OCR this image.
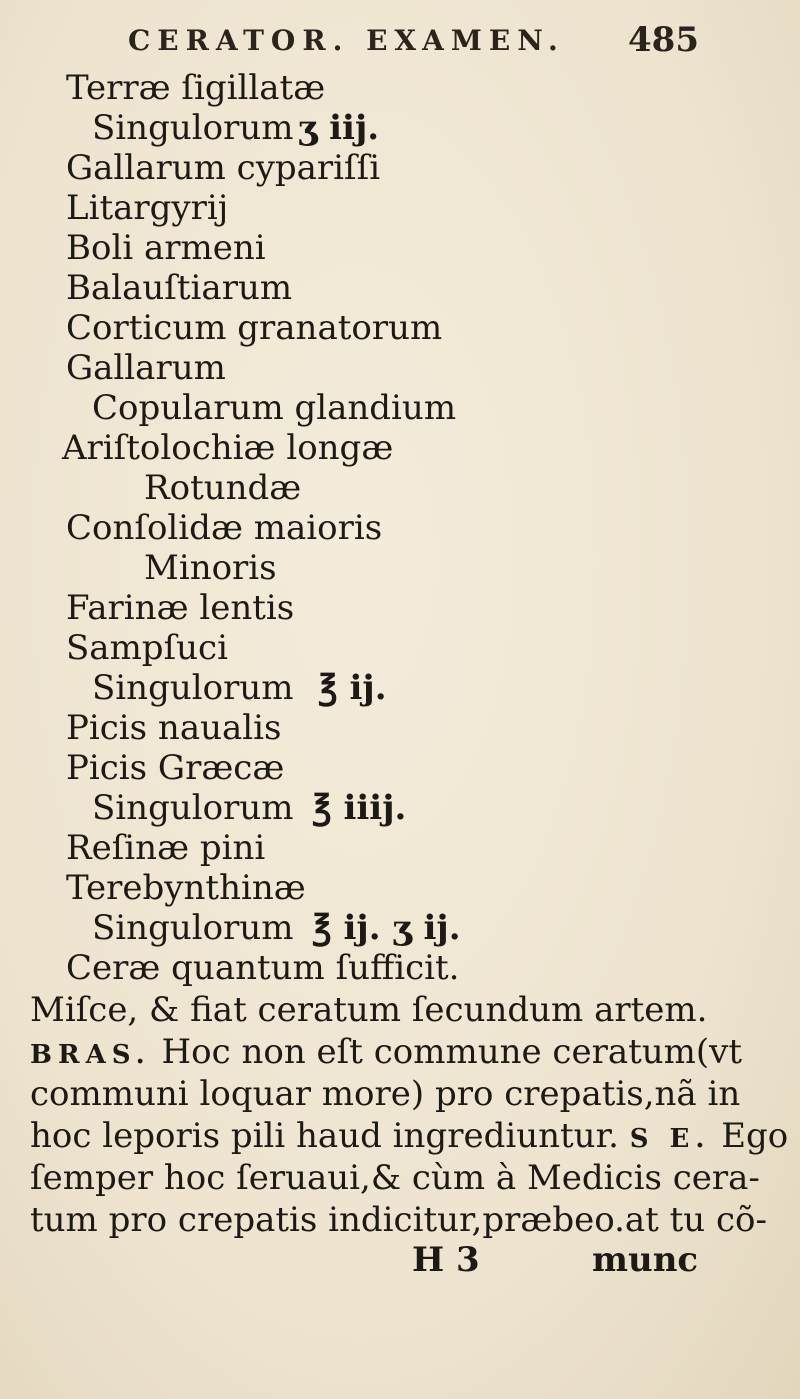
CERATOR. EXAMEN. 485
Terræ ſigillatæ
Singulorum ʒ iij.
Gallarum cypariſſi
Litargyrij
Boli armeni
Balauſtiarum
Corticum granatorum
Gallarum
Copularum glandium
Ariſtolochiæ longæ
Rotundæ
Conſolidæ maioris
Minoris
Farinæ lentis
Sampſuci
Singulorum ℥ ij.
Picis naualis
Picis Græcæ
Singulorum ℥ iiij.
Reſinæ pini
Terebynthinæ
Singulorum ℥ ij. ʒ ij.
Ceræ quantum ſufficit.
Miſce, & fiat ceratum ſecundum artem.
BRAS. Hoc non eſt commune ceratum(vt
communi loquar more) pro crepatis,nã in
hoc leporis pili haud ingrediuntur. S E. Ego
ſemper hoc ſeruaui,& cùm à Medicis cera-
tum pro crepatis indicitur,præbeo.at tu cõ-
H 3	munc
